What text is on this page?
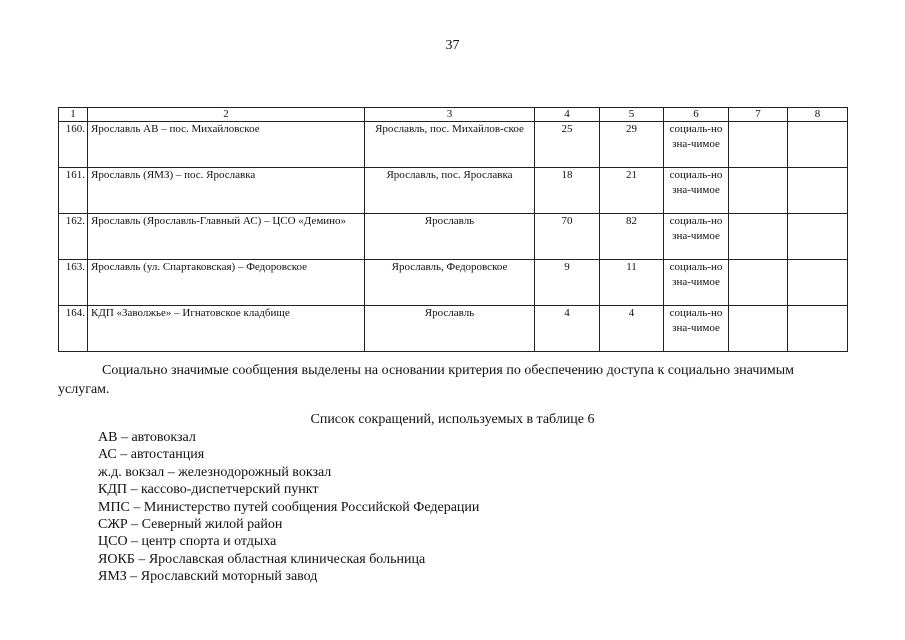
37
1	2	3	4	5	6	7	8
160.	Ярославль АВ – пос. Михайловское	Ярославль, пос. Михайлов-ское	25	29	социаль-но зна-чимое		
161.	Ярославль (ЯМЗ) – пос. Ярославка	Ярославль, пос. Ярославка	18	21	социаль-но зна-чимое		
162.	Ярославль (Ярославль-Главный АС) – ЦСО «Демино»	Ярославль	70	82	социаль-но зна-чимое		
163.	Ярославль (ул. Спартаковская) – Федоровское	Ярославль, Федоровское	9	11	социаль-но зна-чимое		
164.	КДП «Заволжье» – Игнатовское кладбище	Ярославль	4	4	социаль-но зна-чимое		

Социально значимые сообщения выделены на основании критерия по обеспечению доступа к социально значимым
услугам.

Список сокращений, используемых в таблице 6
АВ – автовокзал
АС – автостанция
ж.д. вокзал – железнодорожный вокзал
КДП – кассово-диспетчерский пункт
МПС – Министерство путей сообщения Российской Федерации
СЖР – Северный жилой район
ЦСО – центр спорта и отдыха
ЯОКБ – Ярославская областная клиническая больница
ЯМЗ – Ярославский моторный завод
